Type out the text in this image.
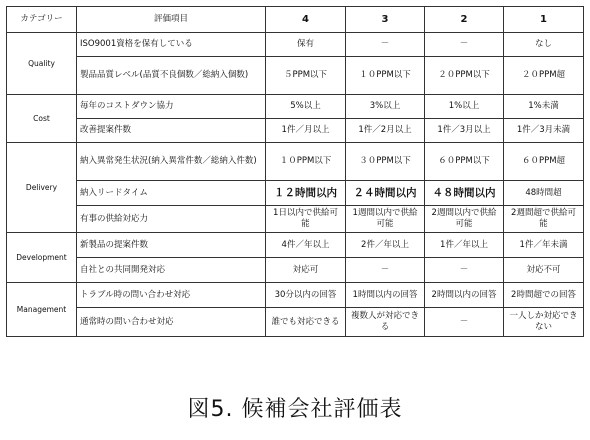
カテゴリー	評価項目	4	3	2	1
Quality	ISO9001資格を保有している	保有	－	－	なし
	製品品質レベル(品質不良個数／総納入個数)	５PPM以下	１０PPM以下	２０PPM以下	２０PPM超
Cost	毎年のコストダウン協力	5%以上	3%以上	1%以上	1%未満
	改善提案件数	1件／月以上	1件／2月以上	1件／3月以上	1件／3月未満
Delivery	納入異常発生状況(納入異常件数／総納入件数)	１０PPM以下	３０PPM以下	６０PPM以下	６０PPM超
	納入リードタイム	１２時間以内	２４時間以内	４８時間以内	48時間超
	有事の供給対応力	1日以内で供給可能	1週間以内で供給可能	2週間以内で供給可能	2週間超で供給可能
Development	新製品の提案件数	4件／年以上	2件／年以上	1件／年以上	1件／年未満
	自社との共同開発対応	対応可	－	－	対応不可
Management	トラブル時の問い合わせ対応	30分以内の回答	1時間以内の回答	2時間以内の回答	2時間超での回答
	通常時の問い合わせ対応	誰でも対応できる	複数人が対応できる	－	一人しか対応できない
図5. 候補会社評価表
